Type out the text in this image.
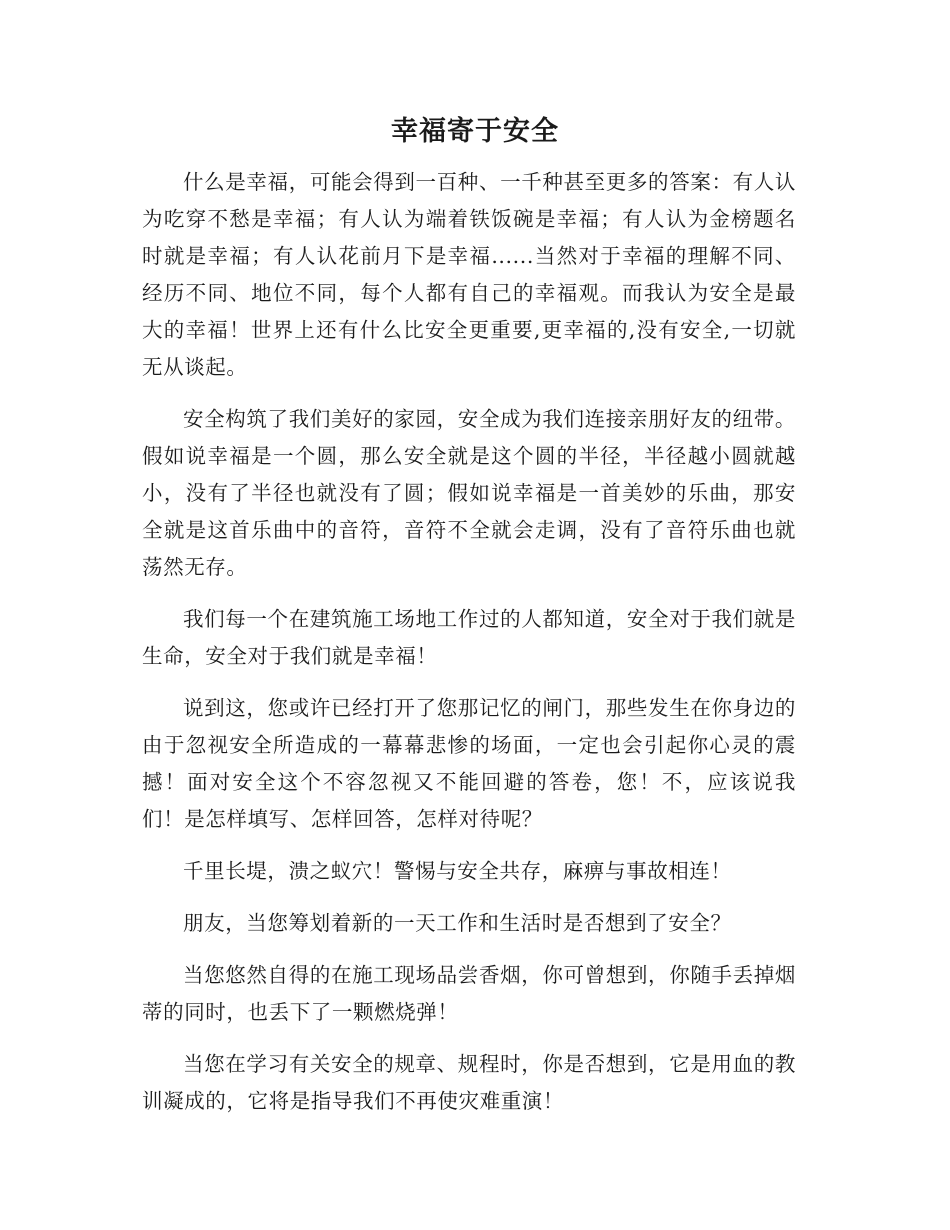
幸福寄于安全

什么是幸福，可能会得到一百种、一千种甚至更多的答案：有人认为吃穿不愁是幸福；有人认为端着铁饭碗是幸福；有人认为金榜题名时就是幸福；有人认花前月下是幸福......当然对于幸福的理解不同、经历不同、地位不同，每个人都有自己的幸福观。而我认为安全是最大的幸福！世界上还有什么比安全更重要,更幸福的,没有安全,一切就无从谈起。

安全构筑了我们美好的家园，安全成为我们连接亲朋好友的纽带。假如说幸福是一个圆，那么安全就是这个圆的半径，半径越小圆就越小，没有了半径也就没有了圆；假如说幸福是一首美妙的乐曲，那安全就是这首乐曲中的音符，音符不全就会走调，没有了音符乐曲也就荡然无存。

我们每一个在建筑施工场地工作过的人都知道，安全对于我们就是生命，安全对于我们就是幸福！

说到这，您或许已经打开了您那记忆的闸门，那些发生在你身边的由于忽视安全所造成的一幕幕悲惨的场面，一定也会引起你心灵的震撼！面对安全这个不容忽视又不能回避的答卷，您！不，应该说我们！是怎样填写、怎样回答，怎样对待呢？

千里长堤，溃之蚁穴！警惕与安全共存，麻痹与事故相连！

朋友，当您筹划着新的一天工作和生活时是否想到了安全？

当您悠然自得的在施工现场品尝香烟，你可曾想到，你随手丢掉烟蒂的同时，也丢下了一颗燃烧弹！

当您在学习有关安全的规章、规程时，你是否想到，它是用血的教训凝成的，它将是指导我们不再使灾难重演！
